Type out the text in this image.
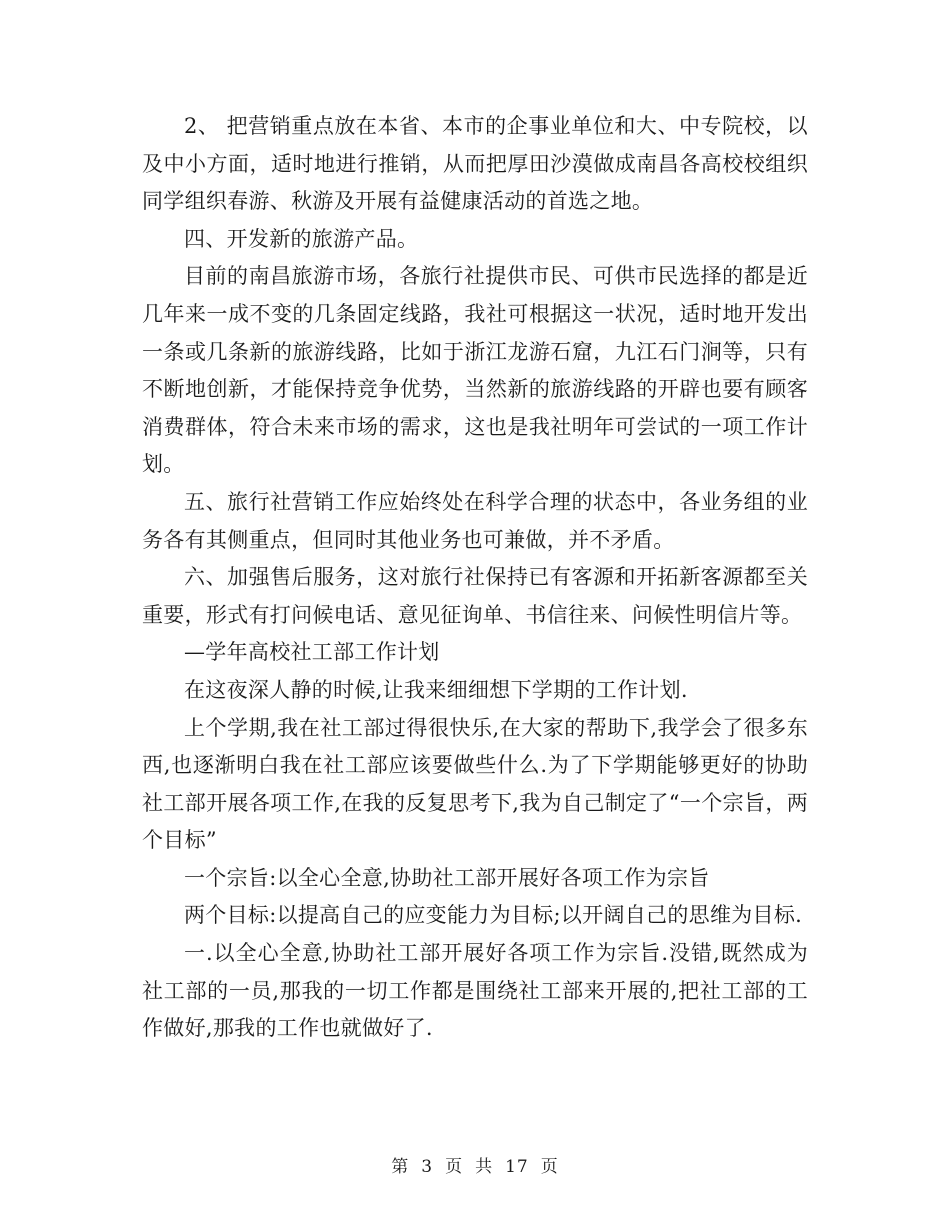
2、 把营销重点放在本省、本市的企事业单位和大、中专院校，以及中小方面，适时地进行推销，从而把厚田沙漠做成南昌各高校校组织同学组织春游、秋游及开展有益健康活动的首选之地。

四、开发新的旅游产品。

目前的南昌旅游市场，各旅行社提供市民、可供市民选择的都是近几年来一成不变的几条固定线路，我社可根据这一状况，适时地开发出一条或几条新的旅游线路，比如于浙江龙游石窟，九江石门涧等，只有不断地创新，才能保持竞争优势，当然新的旅游线路的开辟也要有顾客消费群体，符合未来市场的需求，这也是我社明年可尝试的一项工作计划。

五、旅行社营销工作应始终处在科学合理的状态中，各业务组的业务各有其侧重点，但同时其他业务也可兼做，并不矛盾。

六、加强售后服务，这对旅行社保持已有客源和开拓新客源都至关重要，形式有打问候电话、意见征询单、书信往来、问候性明信片等。

—学年高校社工部工作计划

在这夜深人静的时候,让我来细细想下学期的工作计划.

上个学期,我在社工部过得很快乐,在大家的帮助下,我学会了很多东西,也逐渐明白我在社工部应该要做些什么.为了下学期能够更好的协助社工部开展各项工作,在我的反复思考下,我为自己制定了“一个宗旨，两个目标”

一个宗旨:以全心全意,协助社工部开展好各项工作为宗旨

两个目标:以提高自己的应变能力为目标;以开阔自己的思维为目标.

一.以全心全意,协助社工部开展好各项工作为宗旨.没错,既然成为社工部的一员,那我的一切工作都是围绕社工部来开展的,把社工部的工作做好,那我的工作也就做好了.

第 3 页 共 17 页
